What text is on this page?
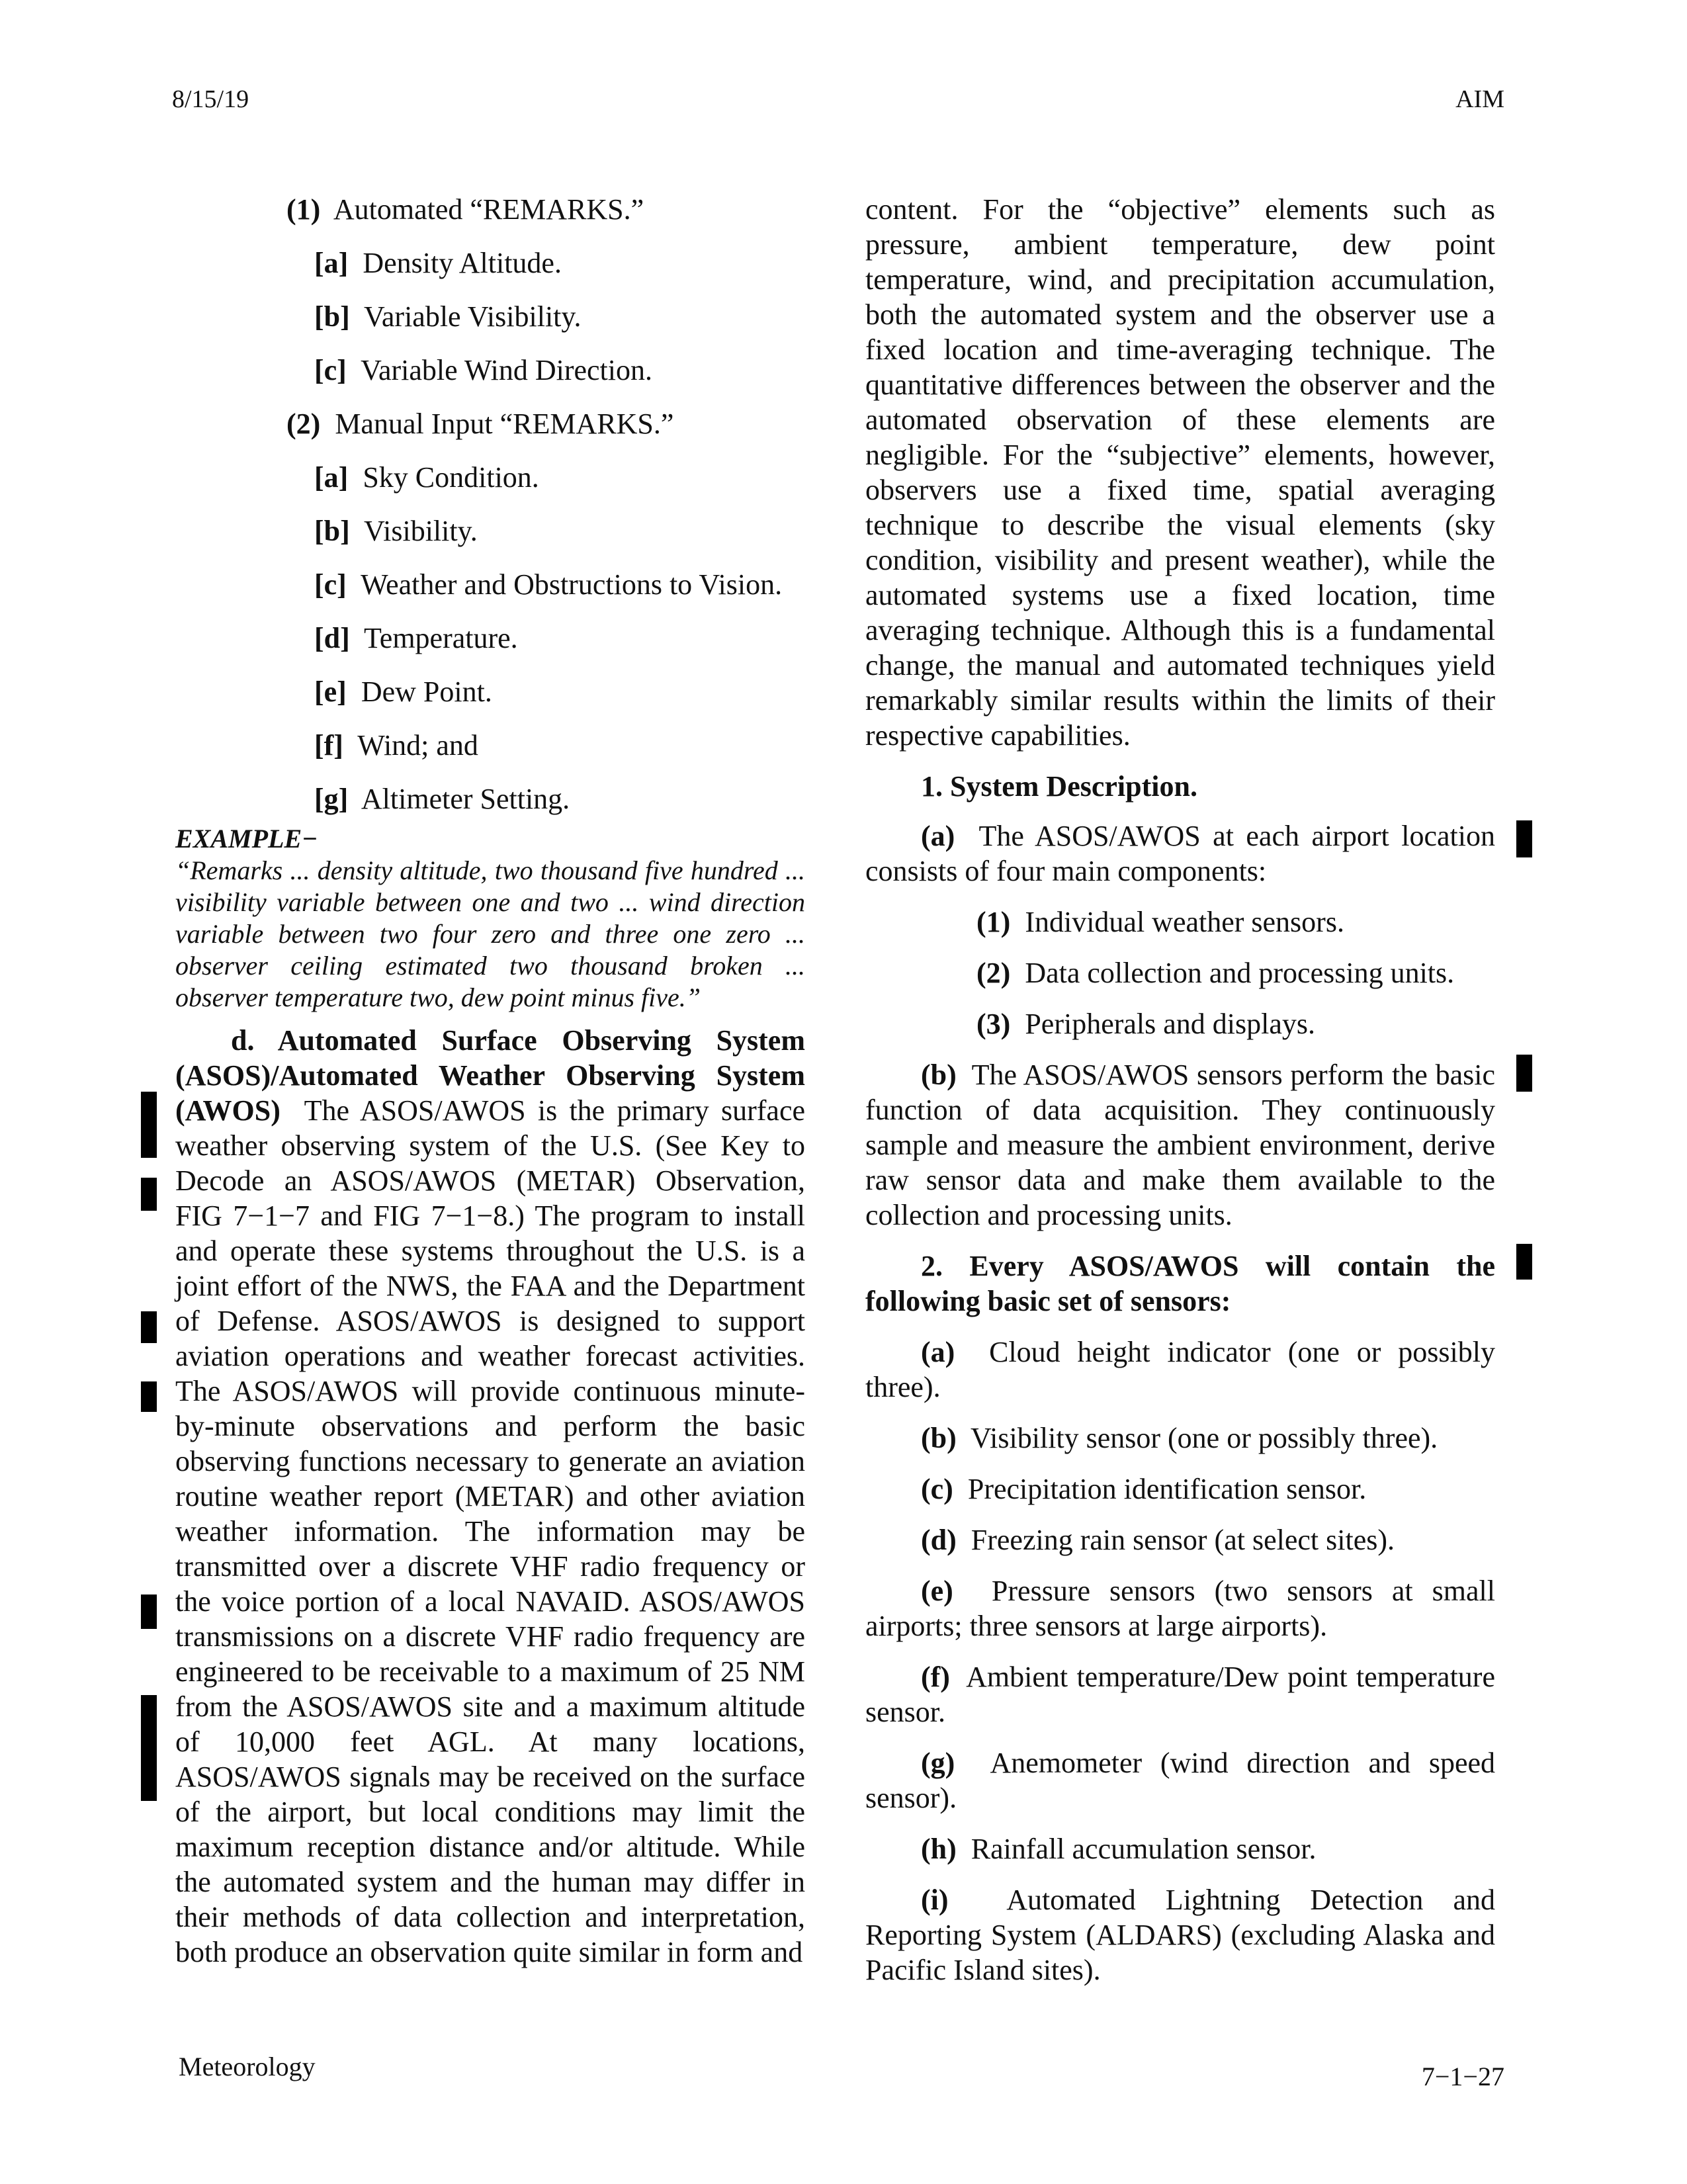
8/15/19	AIM
(1) Automated “REMARKS.”
[a] Density Altitude.
[b] Variable Visibility.
[c] Variable Wind Direction.
(2) Manual Input “REMARKS.”
[a] Sky Condition.
[b] Visibility.
[c] Weather and Obstructions to Vision.
[d] Temperature.
[e] Dew Point.
[f] Wind; and
[g] Altimeter Setting.

EXAMPLE−

“Remarks ... density altitude, two thousand five hundred ... visibility variable between one and two ... wind direction variable between two four zero and three one zero ... observer ceiling estimated two thousand broken ... observer temperature two, dew point minus five.”

d. Automated Surface Observing System (ASOS)/Automated Weather Observing System (AWOS) The ASOS/AWOS is the primary surface weather observing system of the U.S. (See Key to Decode an ASOS/AWOS (METAR) Observation, FIG 7−1−7 and FIG 7−1−8.) The program to install and operate these systems throughout the U.S. is a joint effort of the NWS, the FAA and the Department of Defense. ASOS/AWOS is designed to support aviation operations and weather forecast activities. The ASOS/AWOS will provide continuous minute-by-minute observations and perform the basic observing functions necessary to generate an aviation routine weather report (METAR) and other aviation weather information. The information may be transmitted over a discrete VHF radio frequency or the voice portion of a local NAVAID. ASOS/AWOS transmissions on a discrete VHF radio frequency are engineered to be receivable to a maximum of 25 NM from the ASOS/AWOS site and a maximum altitude of 10,000 feet AGL. At many locations, ASOS/AWOS signals may be received on the surface of the airport, but local conditions may limit the maximum reception distance and/or altitude. While the automated system and the human may differ in their methods of data collection and interpretation, both produce an observation quite similar in form and

content. For the “objective” elements such as pressure, ambient temperature, dew point temperature, wind, and precipitation accumulation, both the automated system and the observer use a fixed location and time-averaging technique. The quantitative differences between the observer and the automated observation of these elements are negligible. For the “subjective” elements, however, observers use a fixed time, spatial averaging technique to describe the visual elements (sky condition, visibility and present weather), while the automated systems use a fixed location, time averaging technique. Although this is a fundamental change, the manual and automated techniques yield remarkably similar results within the limits of their respective capabilities.

1. System Description.

(a) The ASOS/AWOS at each airport location consists of four main components:

(1) Individual weather sensors.
(2) Data collection and processing units.
(3) Peripherals and displays.

(b) The ASOS/AWOS sensors perform the basic function of data acquisition. They continuously sample and measure the ambient environment, derive raw sensor data and make them available to the collection and processing units.

2. Every ASOS/AWOS will contain the following basic set of sensors:

(a) Cloud height indicator (one or possibly three).

(b) Visibility sensor (one or possibly three).

(c) Precipitation identification sensor.

(d) Freezing rain sensor (at select sites).

(e) Pressure sensors (two sensors at small airports; three sensors at large airports).

(f) Ambient temperature/Dew point temperature sensor.

(g) Anemometer (wind direction and speed sensor).

(h) Rainfall accumulation sensor.

(i) Automated Lightning Detection and Reporting System (ALDARS) (excluding Alaska and Pacific Island sites).

Meteorology	7−1−27
